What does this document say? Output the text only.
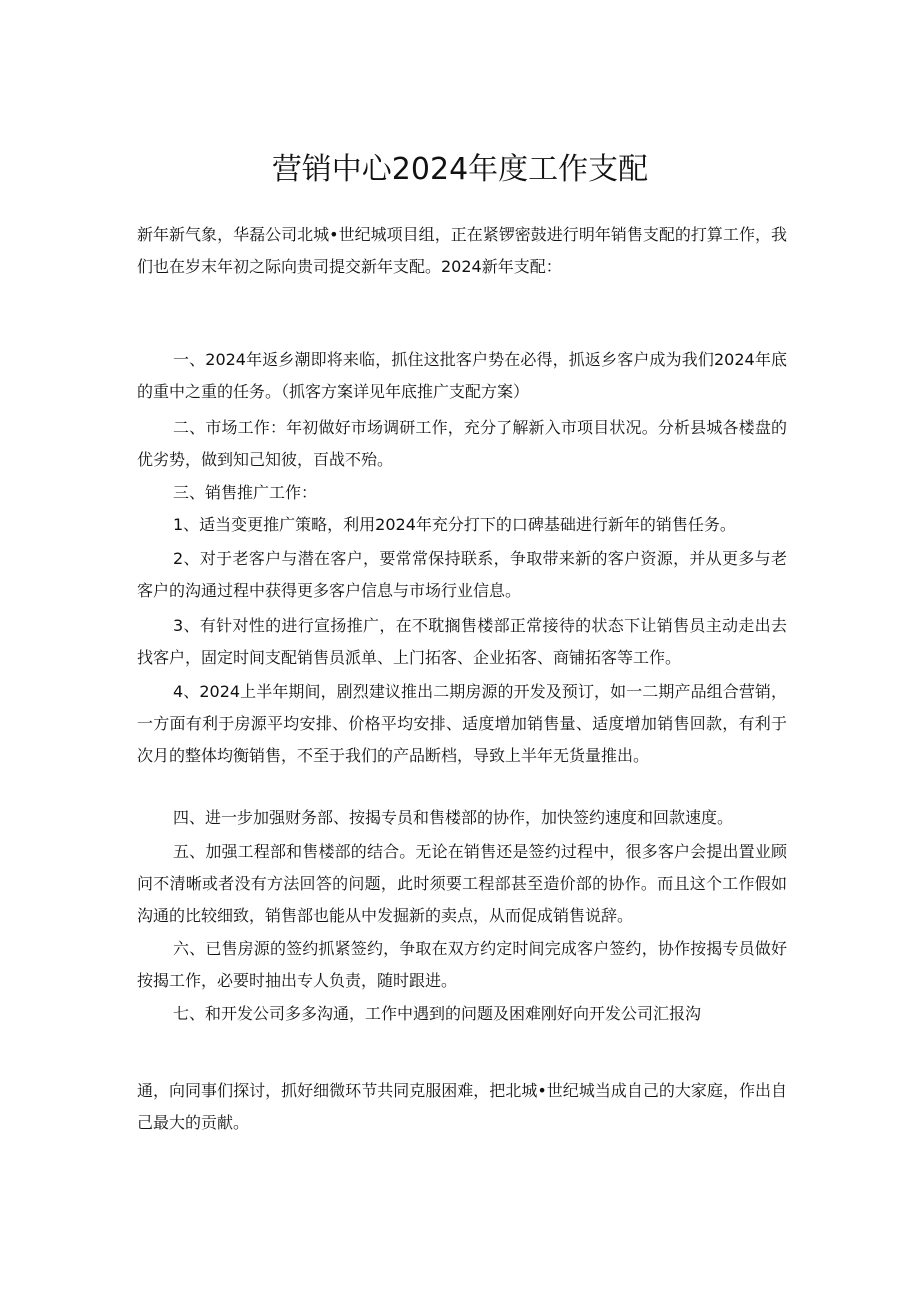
营销中心2024年度工作支配

新年新气象，华磊公司北城•世纪城项目组，正在紧锣密鼓进行明年销售支配的打算工作，我们也在岁末年初之际向贵司提交新年支配。2024新年支配：

一、2024年返乡潮即将来临，抓住这批客户势在必得，抓返乡客户成为我们2024年底的重中之重的任务。（抓客方案详见年底推广支配方案）

二、市场工作：年初做好市场调研工作，充分了解新入市项目状况。分析县城各楼盘的优劣势，做到知己知彼，百战不殆。

三、销售推广工作：

1、适当变更推广策略，利用2024年充分打下的口碑基础进行新年的销售任务。

2、对于老客户与潜在客户，要常常保持联系，争取带来新的客户资源，并从更多与老客户的沟通过程中获得更多客户信息与市场行业信息。

3、有针对性的进行宣扬推广，在不耽搁售楼部正常接待的状态下让销售员主动走出去找客户，固定时间支配销售员派单、上门拓客、企业拓客、商铺拓客等工作。

4、2024上半年期间，剧烈建议推出二期房源的开发及预订，如一二期产品组合营销，一方面有利于房源平均安排、价格平均安排、适度增加销售量、适度增加销售回款，有利于次月的整体均衡销售，不至于我们的产品断档，导致上半年无货量推出。

四、进一步加强财务部、按揭专员和售楼部的协作，加快签约速度和回款速度。

五、加强工程部和售楼部的结合。无论在销售还是签约过程中，很多客户会提出置业顾问不清晰或者没有方法回答的问题，此时须要工程部甚至造价部的协作。而且这个工作假如沟通的比较细致，销售部也能从中发掘新的卖点，从而促成销售说辞。

六、已售房源的签约抓紧签约，争取在双方约定时间完成客户签约，协作按揭专员做好按揭工作，必要时抽出专人负责，随时跟进。

七、和开发公司多多沟通，工作中遇到的问题及困难刚好向开发公司汇报沟

通，向同事们探讨，抓好细微环节共同克服困难，把北城•世纪城当成自己的大家庭，作出自己最大的贡献。
